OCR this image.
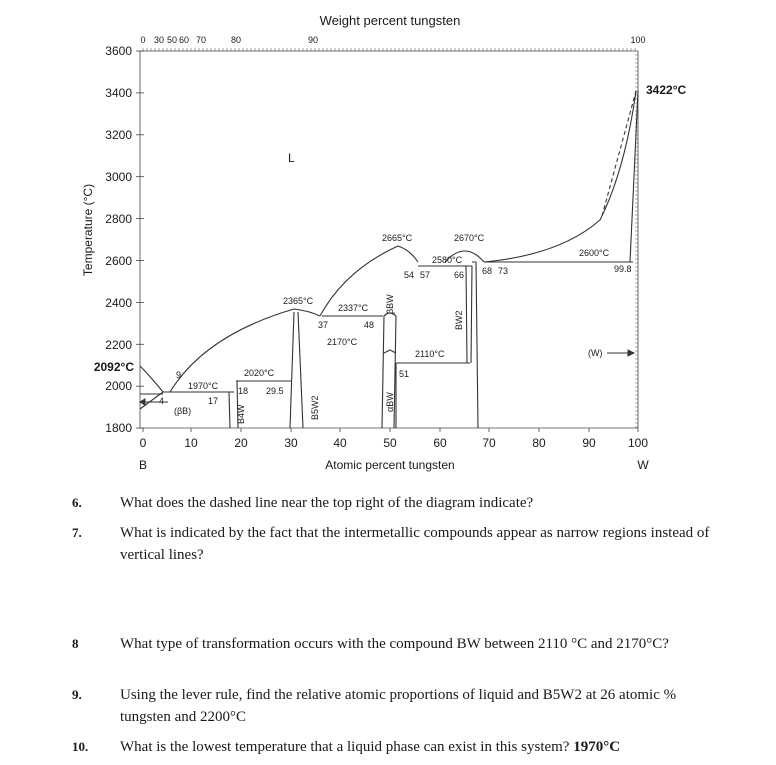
Weight percent tungsten
0 30 50 60 70	80	90	100
3600
3400
3200
3000
2800
2600
2400
2200
2000
1800
2092°C
Temperature (°C)
0	10	20	30	40	50	60	70	80	90	100
B	Atomic percent tungsten	W
3422°C
L
2665°C	2670°C
2580°C
2600°C
2365°C
2337°C
2170°C
2110°C
2020°C
1970°C
54 57	66 68 73	99.8
37	48
51
9
4	17
18 29.5
(βB)
(W)
βBW
αBW
BW2
B5W2
B4W
6.	What does the dashed line near the top right of the diagram indicate?
7.	What is indicated by the fact that the intermetallic compounds appear as narrow regions instead of vertical lines?
8	What type of transformation occurs with the compound BW between 2110 °C and 2170°C?
9.	Using the lever rule, find the relative atomic proportions of liquid and B5W2 at 26 atomic % tungsten and 2200°C
10. What is the lowest temperature that a liquid phase can exist in this system? 1970°C
